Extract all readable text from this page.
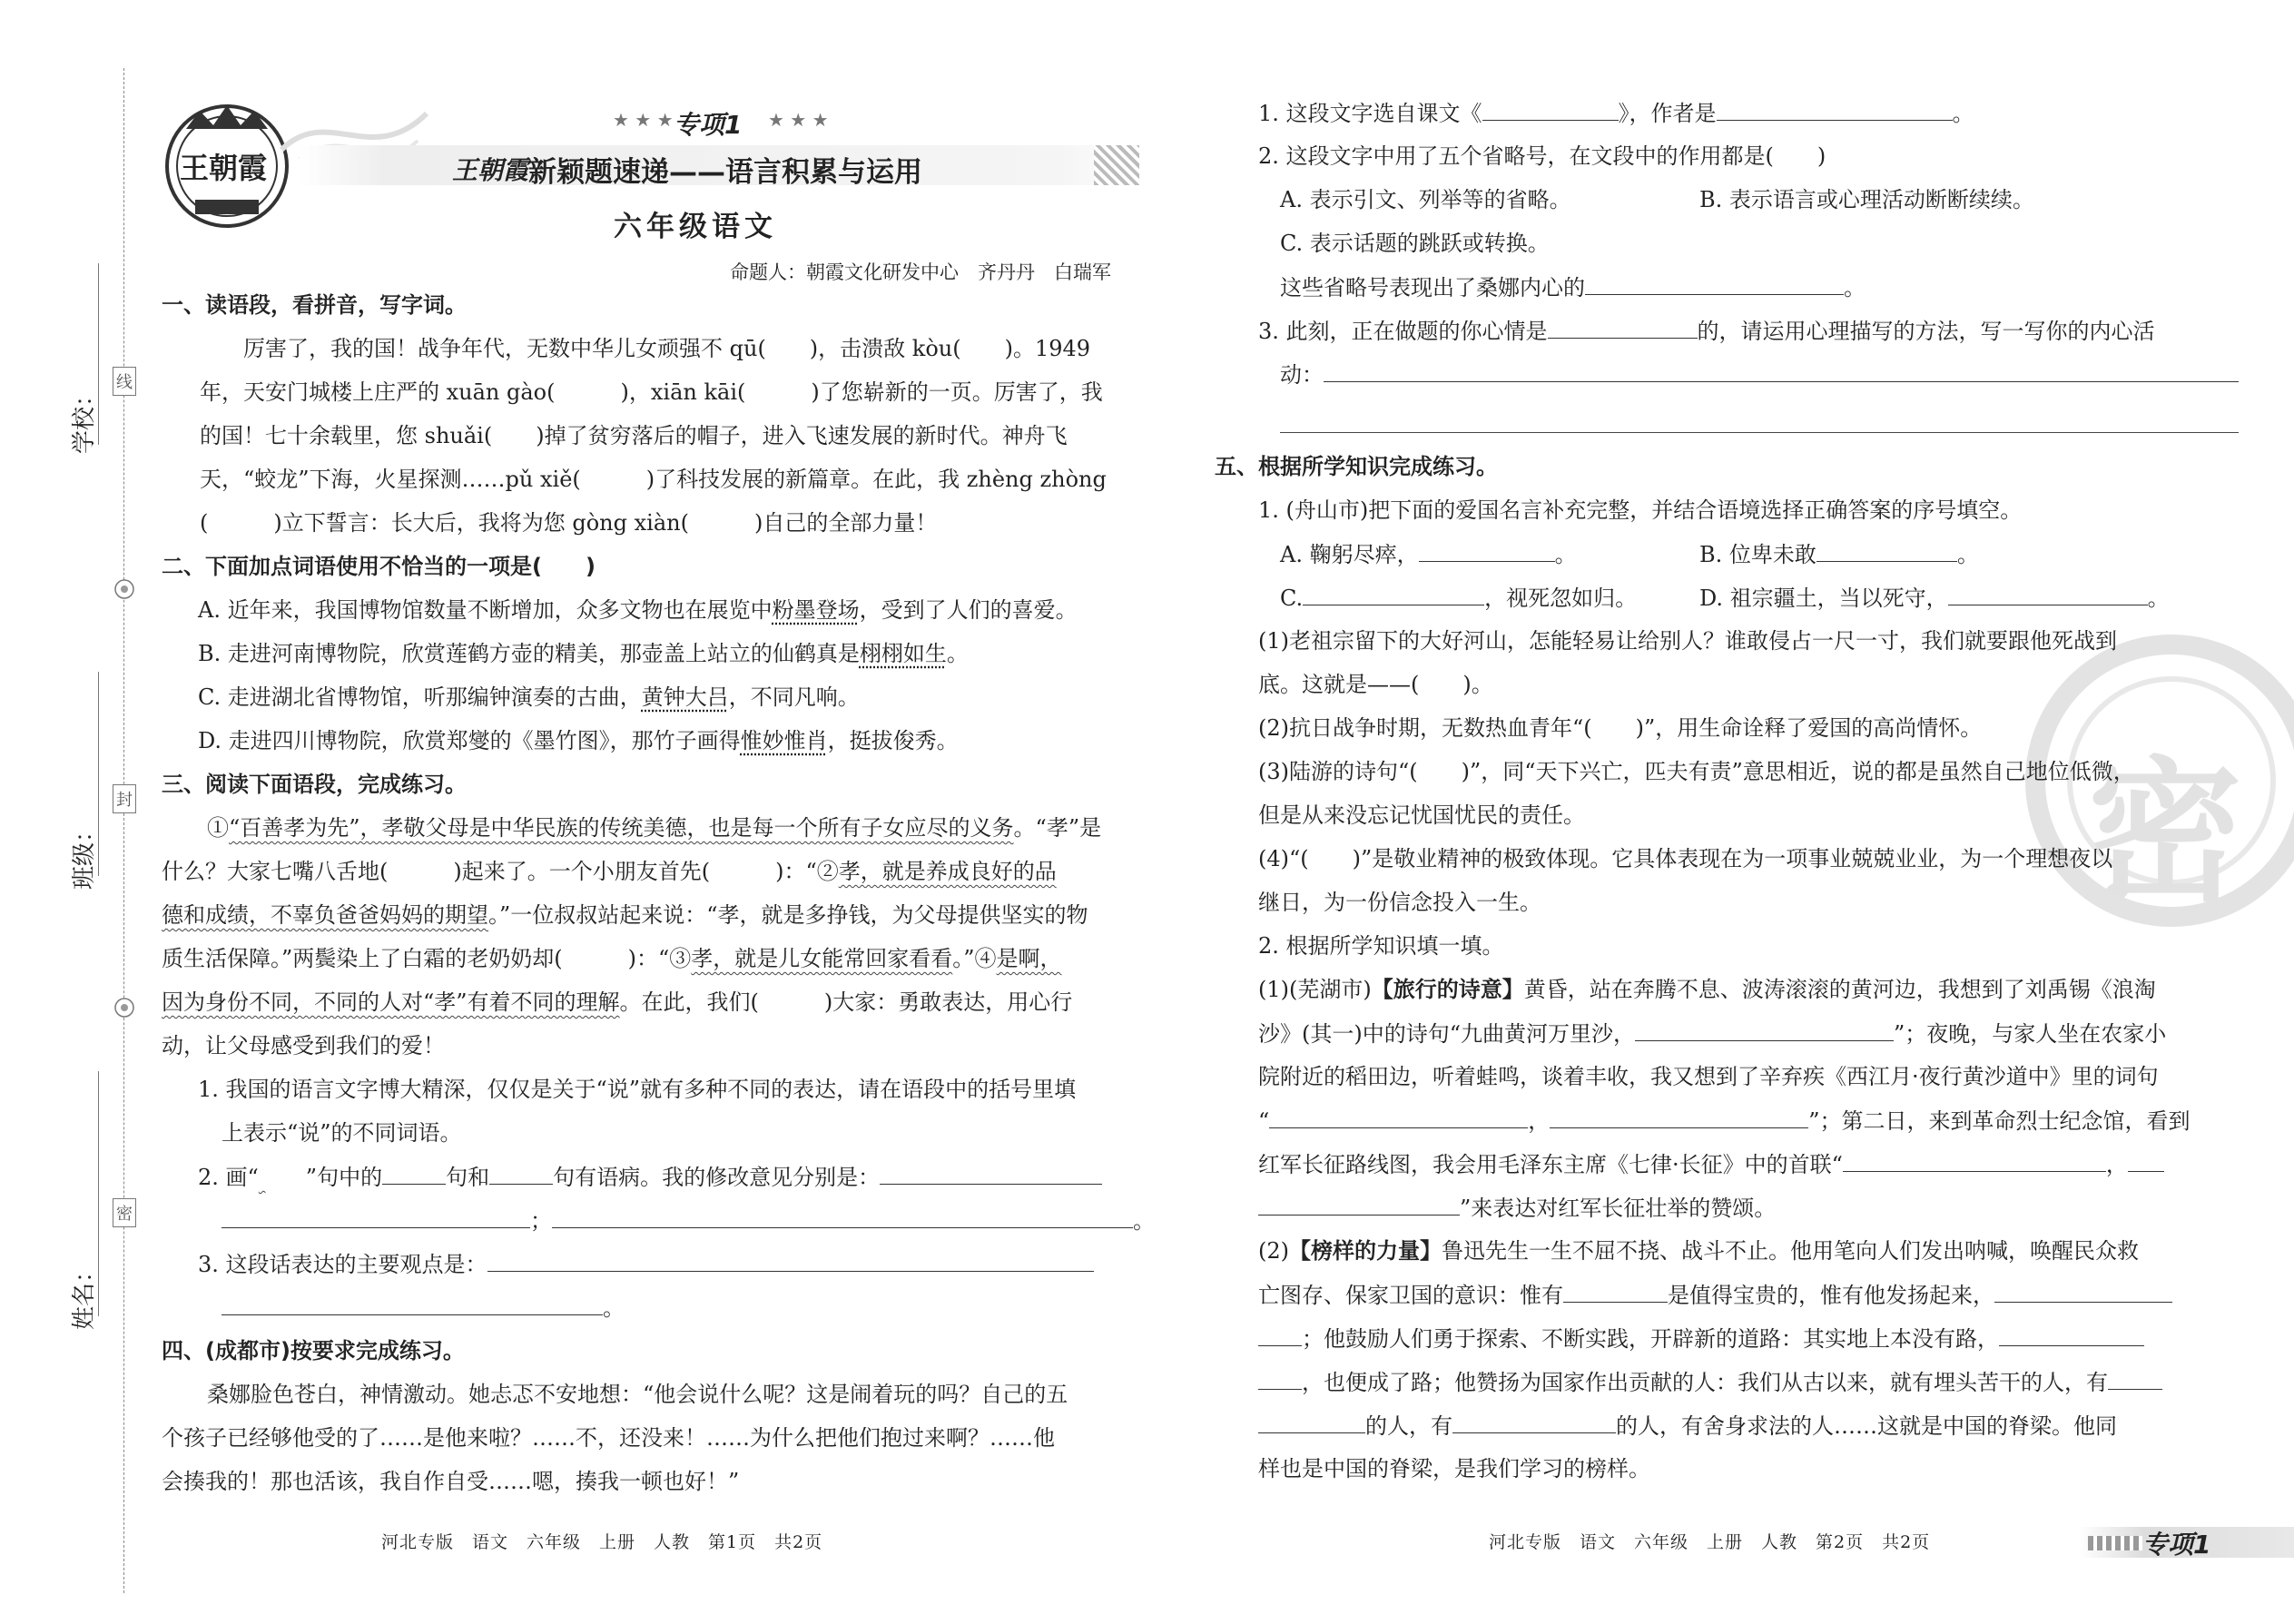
线
封
密
学校：
班级：
姓名：
王朝霞
★ ★ ★ 专项1 ★ ★ ★
王朝霞 新颖题速递——语言积累与运用
六年级语文
命题人：朝霞文化研发中心　齐丹丹　白瑞军
一、读语段，看拼音，写字词。
厉害了，我的国！战争年代，无数中华儿女顽强不 qū(　　)，击溃敌 kòu(　　)。1949
年，天安门城楼上庄严的 xuān gào(　　　)，xiān kāi(　　　)了您崭新的一页。厉害了，我
的国！七十余载里，您 shuǎi(　　)掉了贫穷落后的帽子，进入飞速发展的新时代。神舟飞
天，“蛟龙”下海，火星探测……pǔ xiě(　　　)了科技发展的新篇章。在此，我 zhèng zhòng
(　　　)立下誓言：长大后，我将为您 gòng xiàn(　　　)自己的全部力量！
二、下面加点词语使用不恰当的一项是(　　)
A. 近年来，我国博物馆数量不断增加，众多文物也在展览中粉墨登场，受到了人们的喜爱。
B. 走进河南博物院，欣赏莲鹤方壶的精美，那壶盖上站立的仙鹤真是栩栩如生。
C. 走进湖北省博物馆，听那编钟演奏的古曲，黄钟大吕，不同凡响。
D. 走进四川博物院，欣赏郑燮的《墨竹图》，那竹子画得惟妙惟肖，挺拔俊秀。
三、阅读下面语段，完成练习。
①“百善孝为先”，孝敬父母是中华民族的传统美德，也是每一个所有子女应尽的义务。“孝”是
什么？大家七嘴八舌地(　　　)起来了。一个小朋友首先(　　　)：“②孝，就是养成良好的品
德和成绩，不辜负爸爸妈妈的期望。”一位叔叔站起来说：“孝，就是多挣钱，为父母提供坚实的物
质生活保障。”两鬓染上了白霜的老奶奶却(　　　)：“③孝，就是儿女能常回家看看。”④是啊，
因为身份不同，不同的人对“孝”有着不同的理解。在此，我们(　　　)大家：勇敢表达，用心行
动，让父母感受到我们的爱！
1. 我国的语言文字博大精深，仅仅是关于“说”就有多种不同的表达，请在语段中的括号里填
上表示“说”的不同词语。
2. 画“ ”句中的	句和	句有语病。我的修改意见分别是：
；	。
3. 这段话表达的主要观点是：
。
四、(成都市)按要求完成练习。
桑娜脸色苍白，神情激动。她忐忑不安地想：“他会说什么呢？这是闹着玩的吗？自己的五
个孩子已经够他受的了……是他来啦？……不，还没来！……为什么把他们抱过来啊？……他
会揍我的！那也活该，我自作自受……嗯，揍我一顿也好！”
河北专版　语文　六年级　上册　人教　第1页　共2页
密
1. 这段文字选自课文《	》，作者是	。
2. 这段文字中用了五个省略号，在文段中的作用都是(　　)
A. 表示引文、列举等的省略。	B. 表示语言或心理活动断断续续。
C. 表示话题的跳跃或转换。
这些省略号表现出了桑娜内心的	。
3. 此刻，正在做题的你心情是	的，请运用心理描写的方法，写一写你的内心活
动：
五、根据所学知识完成练习。
1. (舟山市)把下面的爱国名言补充完整，并结合语境选择正确答案的序号填空。
A. 鞠躬尽瘁，	。	B. 位卑未敢	。
C.	，视死忽如归。	D. 祖宗疆土，当以死守，	。
(1)老祖宗留下的大好河山，怎能轻易让给别人？谁敢侵占一尺一寸，我们就要跟他死战到
底。这就是——(　　)。
(2)抗日战争时期，无数热血青年“(　　)”，用生命诠释了爱国的高尚情怀。
(3)陆游的诗句“(　　)”，同“天下兴亡，匹夫有责”意思相近，说的都是虽然自己地位低微，
但是从来没忘记忧国忧民的责任。
(4)“(　　)”是敬业精神的极致体现。它具体表现在为一项事业兢兢业业，为一个理想夜以
继日，为一份信念投入一生。
2. 根据所学知识填一填。
(1)(芜湖市)【旅行的诗意】黄昏，站在奔腾不息、波涛滚滚的黄河边，我想到了刘禹锡《浪淘
沙》(其一)中的诗句“九曲黄河万里沙，	”；夜晚，与家人坐在农家小
院附近的稻田边，听着蛙鸣，谈着丰收，我又想到了辛弃疾《西江月·夜行黄沙道中》里的词句
“	，	”；第二日，来到革命烈士纪念馆，看到
红军长征路线图，我会用毛泽东主席《七律·长征》中的首联“	，
”来表达对红军长征壮举的赞颂。
(2)【榜样的力量】鲁迅先生一生不屈不挠、战斗不止。他用笔向人们发出呐喊，唤醒民众救
亡图存、保家卫国的意识：惟有	是值得宝贵的，惟有他发扬起来，
；他鼓励人们勇于探索、不断实践，开辟新的道路：其实地上本没有路，
，也便成了路；他赞扬为国家作出贡献的人：我们从古以来，就有埋头苦干的人，有
的人，有	的人，有舍身求法的人……这就是中国的脊梁。他同
样也是中国的脊梁，是我们学习的榜样。
河北专版　语文　六年级　上册　人教　第2页　共2页	专项1
